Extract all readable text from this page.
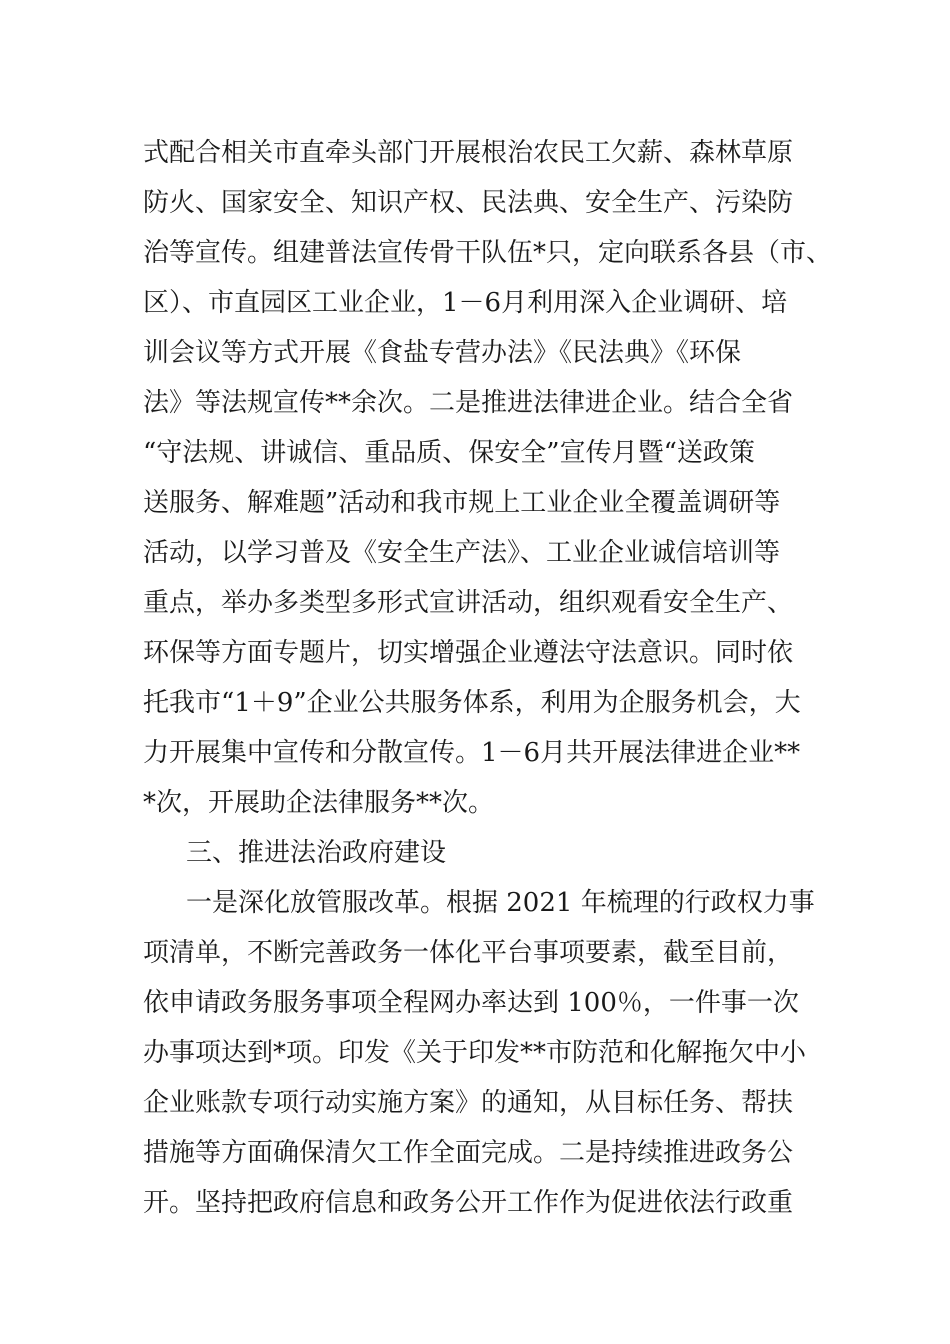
式配合相关市直牵头部门开展根治农民工欠薪、森林草原
防火、国家安全、知识产权、民法典、安全生产、污染防
治等宣传。组建普法宣传骨干队伍*只，定向联系各县（市、
区）、市直园区工业企业，1－6月利用深入企业调研、培
训会议等方式开展《食盐专营办法》《民法典》《环保
法》等法规宣传**余次。二是推进法律进企业。结合全省
“守法规、讲诚信、重品质、保安全”宣传月暨“送政策
送服务、解难题”活动和我市规上工业企业全覆盖调研等
活动，以学习普及《安全生产法》、工业企业诚信培训等
重点，举办多类型多形式宣讲活动，组织观看安全生产、
环保等方面专题片，切实增强企业遵法守法意识。同时依
托我市“1＋9”企业公共服务体系，利用为企服务机会，大
力开展集中宣传和分散宣传。1－6月共开展法律进企业**
*次，开展助企法律服务**次。
三、推进法治政府建设
一是深化放管服改革。根据 2021 年梳理的行政权力事
项清单，不断完善政务一体化平台事项要素，截至目前，
依申请政务服务事项全程网办率达到 100％，一件事一次
办事项达到*项。印发《关于印发**市防范和化解拖欠中小
企业账款专项行动实施方案》的通知，从目标任务、帮扶
措施等方面确保清欠工作全面完成。二是持续推进政务公
开。坚持把政府信息和政务公开工作作为促进依法行政重
